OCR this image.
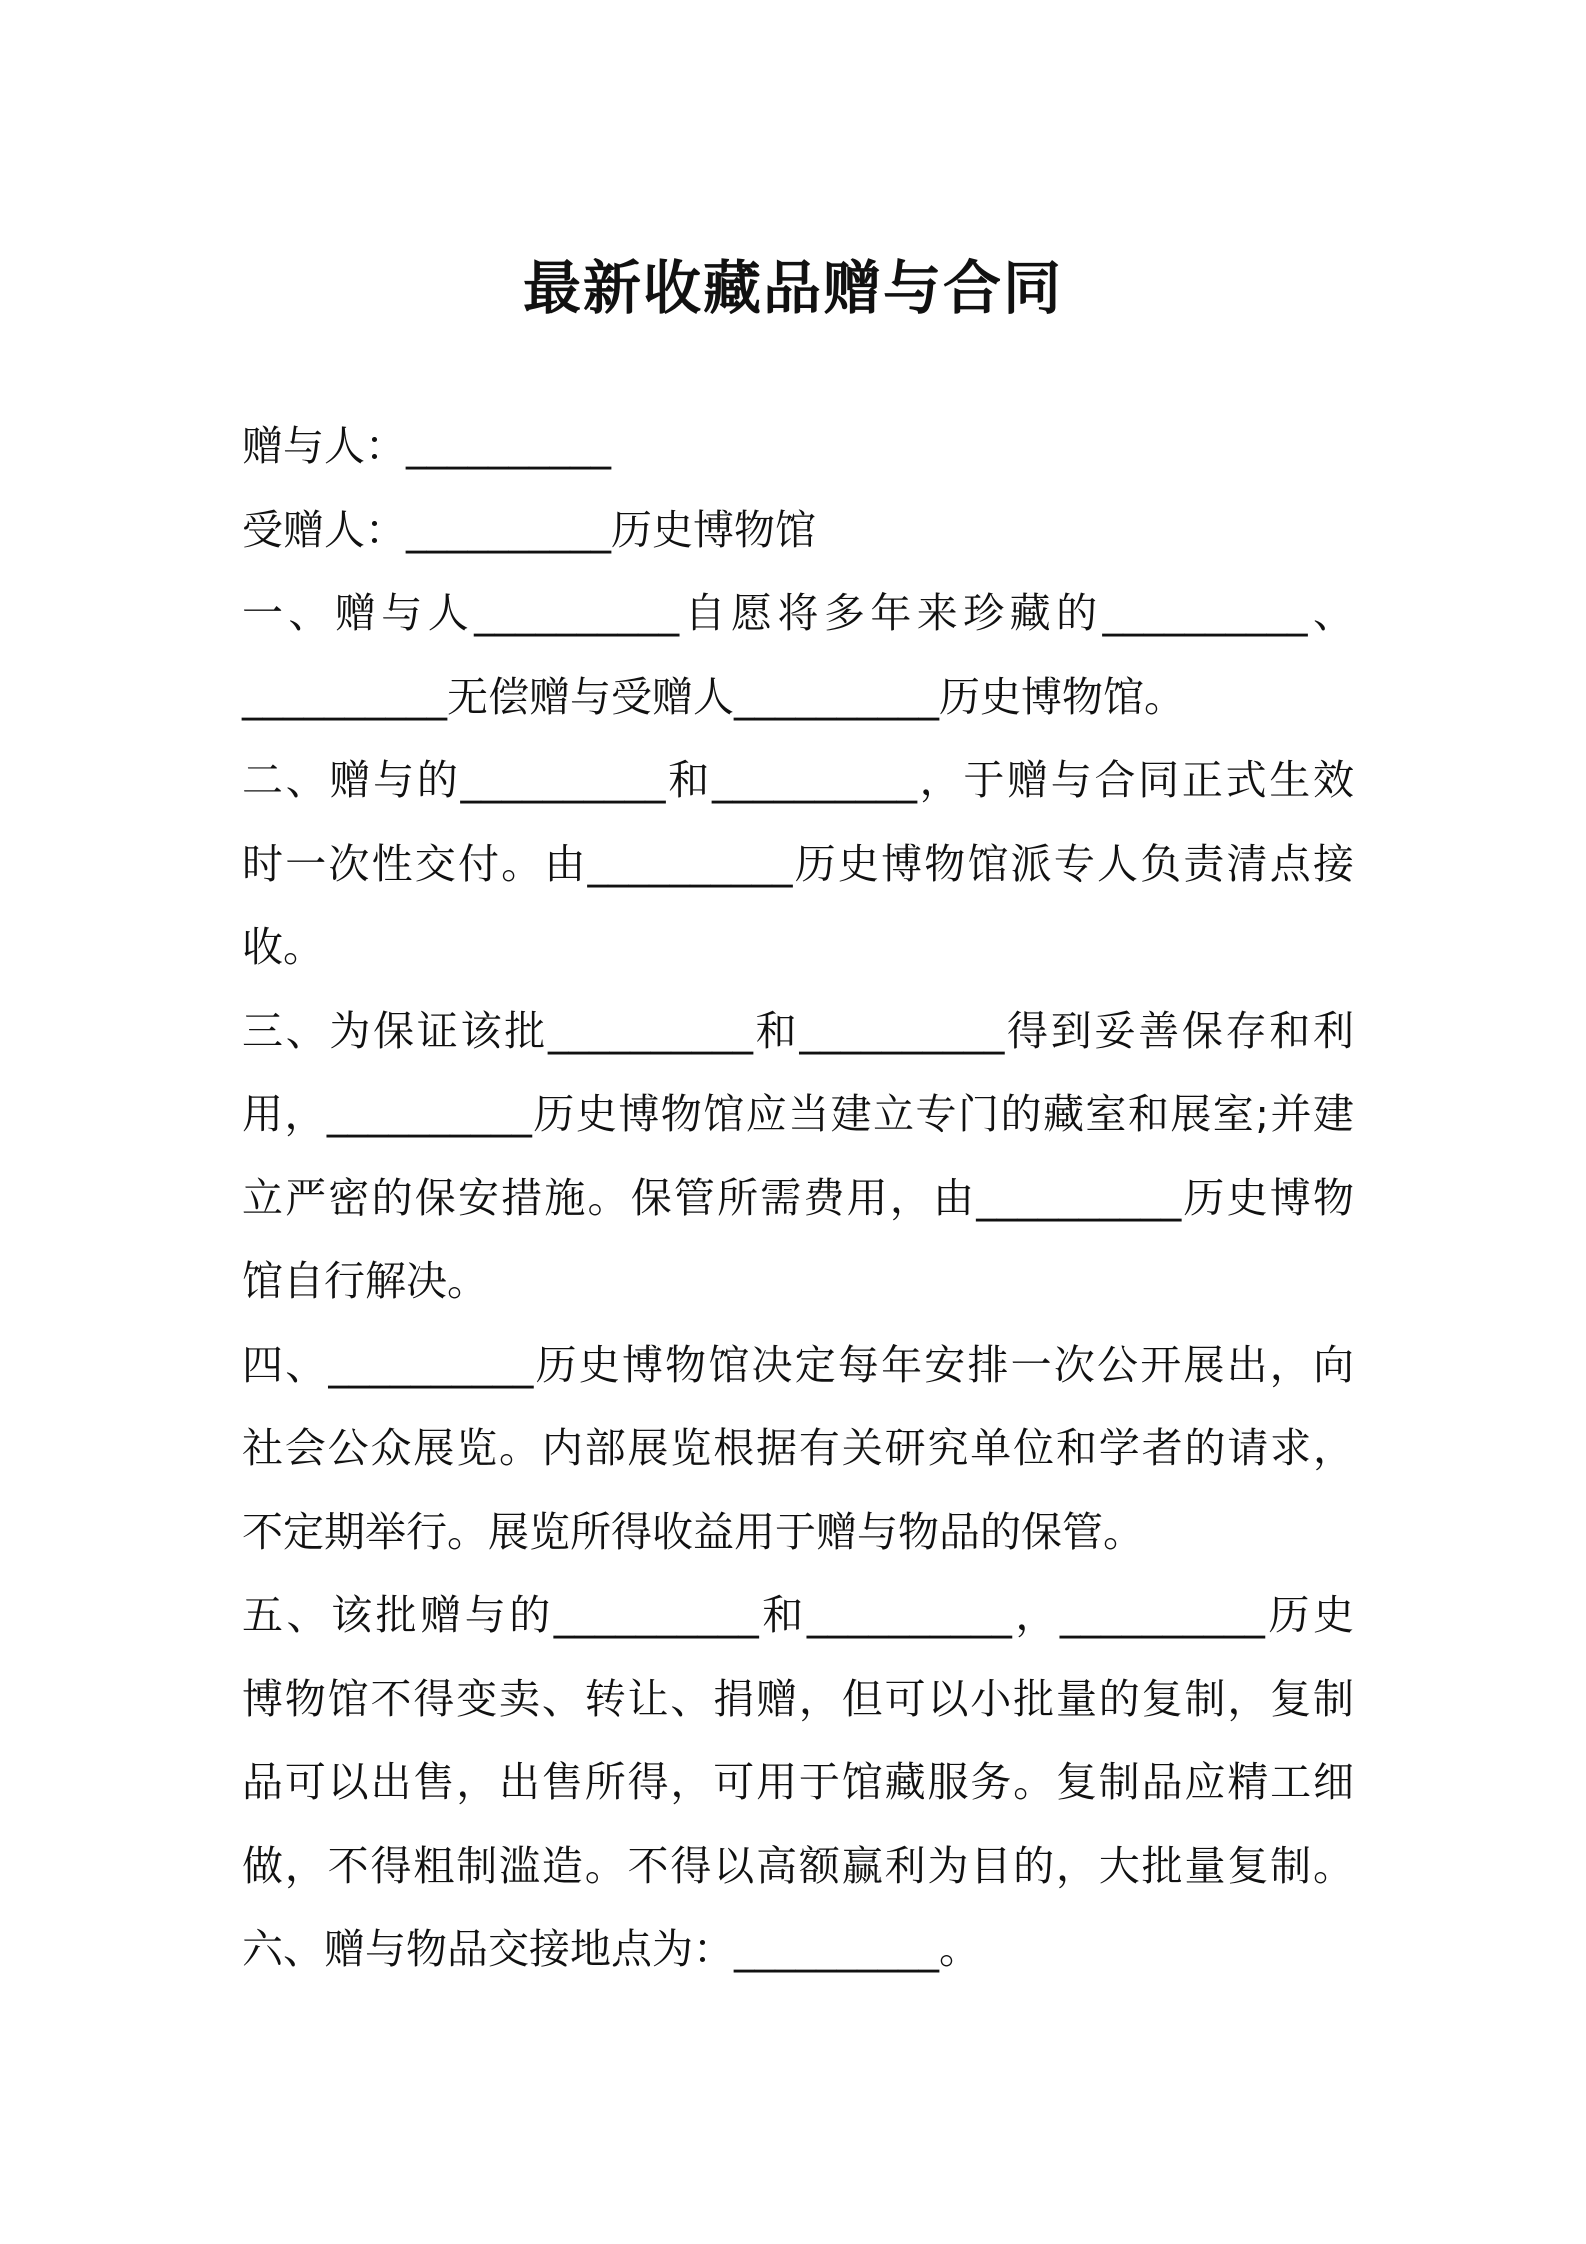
最新收藏品赠与合同
赠与人：__________
受赠人：__________历史博物馆
一、赠与人__________自愿将多年来珍藏的__________、
__________无偿赠与受赠人__________历史博物馆。
二、赠与的__________和__________，于赠与合同正式生效
时一次性交付。由__________历史博物馆派专人负责清点接
收。
三、为保证该批__________和__________得到妥善保存和利
用，__________历史博物馆应当建立专门的藏室和展室;并建
立严密的保安措施。保管所需费用，由__________历史博物
馆自行解决。
四、__________历史博物馆决定每年安排一次公开展出，向
社会公众展览。内部展览根据有关研究单位和学者的请求，
不定期举行。展览所得收益用于赠与物品的保管。
五、该批赠与的__________和__________，__________历史
博物馆不得变卖、转让、捐赠，但可以小批量的复制，复制
品可以出售，出售所得，可用于馆藏服务。复制品应精工细
做，不得粗制滥造。不得以高额赢利为目的，大批量复制。
六、赠与物品交接地点为：__________。
